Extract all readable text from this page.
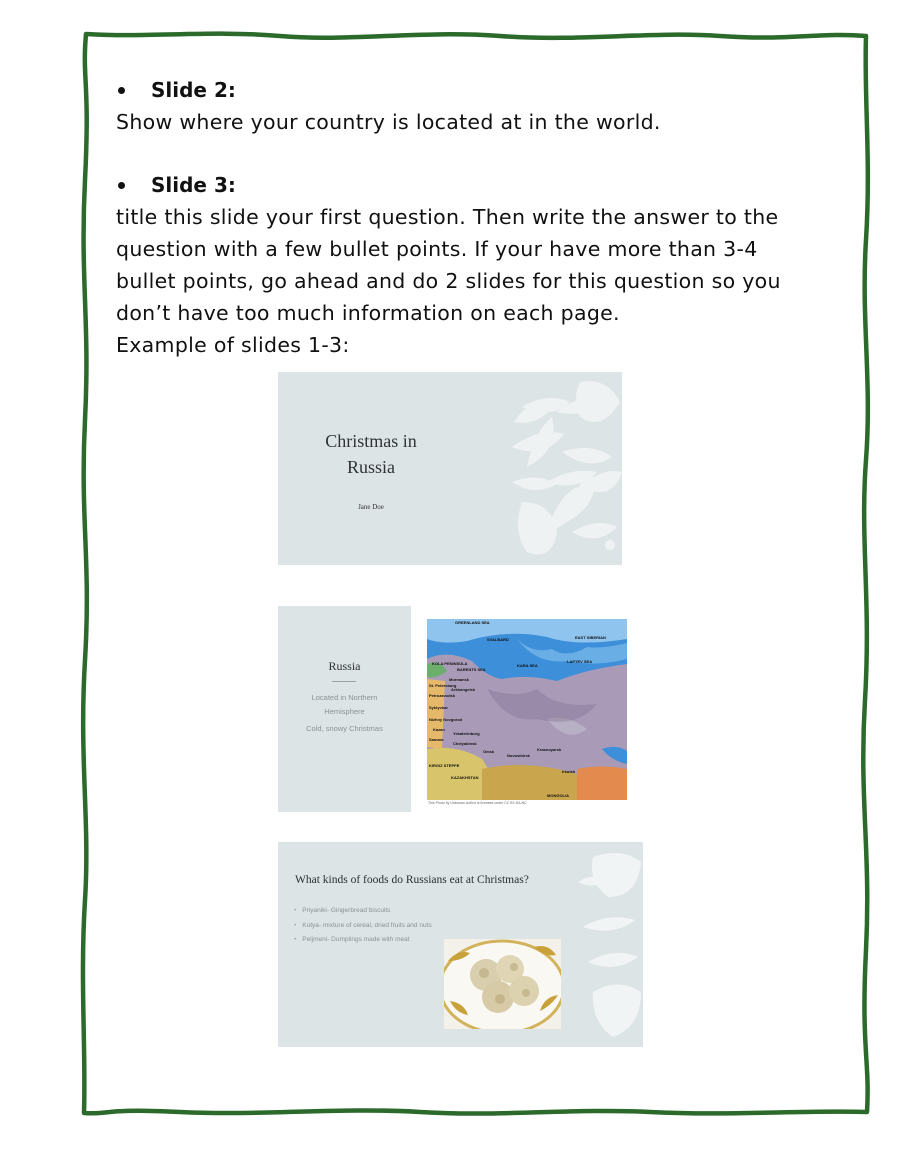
Slide 2:
Show where your country is located at in the world.
Slide 3:
title this slide your first question. Then write the answer to the
question with a few bullet points. If your have more than 3-4
bullet points, go ahead and do 2 slides for this question so you
don’t have too much information on each page.
Example of slides 1-3:
Christmas in
Russia
Jane Doe
Russia
Located in Northern
Hemisphere
Cold, snowy Christmas
GREENLAND SEA
SVALBARD	EAST SIBERIAN
KOLA PENINSULA
BARENTS SEA
KARA SEA
LAPTEV SEA
Murmansk
St. Petersburg
Arkhangelsk
Petrozavodsk
Syktyvkar
Nizhny Novgorod
Kazan
Samara
Yekaterinburg
Chelyabinsk
Omsk
Novosibirsk
Krasnoyarsk
Irkutsk
KIRGIZ STEPPE
KAZAKHSTAN
MONGOLIA
This Photo by Unknown Author is licensed under CC BY-SA-NC
What kinds of foods do Russians eat at Christmas?
• Priyaniki- Gingerbread biscuits
• Kutya- mixture of cereal, dried fruits and nuts
• Peljmeni- Dumplings made with meat
